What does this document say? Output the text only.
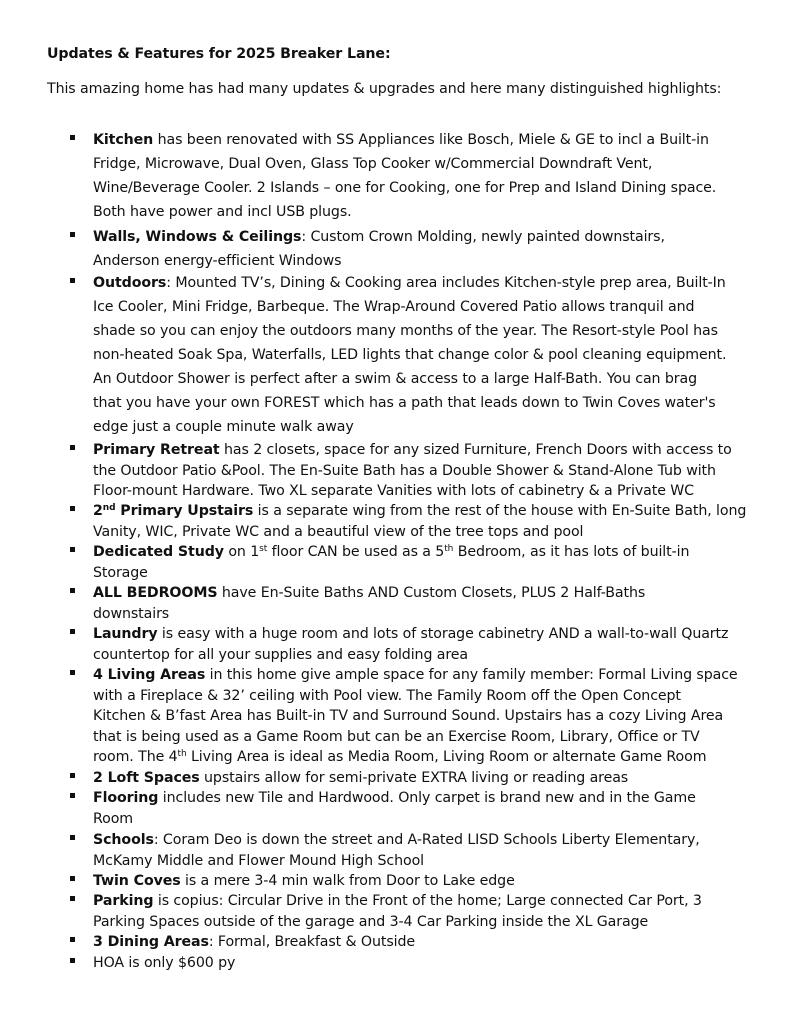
Updates & Features for 2025 Breaker Lane:
This amazing home has had many updates & upgrades and here many distinguished highlights:
Kitchen has been renovated with SS Appliances like Bosch, Miele & GE to incl a Built-in
Fridge, Microwave, Dual Oven, Glass Top Cooker w/Commercial Downdraft Vent,
Wine/Beverage Cooler. 2 Islands – one for Cooking, one for Prep and Island Dining space.
Both have power and incl USB plugs.
Walls, Windows & Ceilings: Custom Crown Molding, newly painted downstairs,
Anderson energy-efficient Windows
Outdoors: Mounted TV’s, Dining & Cooking area includes Kitchen-style prep area, Built-In
Ice Cooler, Mini Fridge, Barbeque. The Wrap-Around Covered Patio allows tranquil and
shade so you can enjoy the outdoors many months of the year. The Resort-style Pool has
non-heated Soak Spa, Waterfalls, LED lights that change color & pool cleaning equipment.
An Outdoor Shower is perfect after a swim & access to a large Half-Bath. You can brag
that you have your own FOREST which has a path that leads down to Twin Coves water's
edge just a couple minute walk away
Primary Retreat has 2 closets, space for any sized Furniture, French Doors with access to
the Outdoor Patio &Pool. The En-Suite Bath has a Double Shower & Stand-Alone Tub with
Floor-mount Hardware. Two XL separate Vanities with lots of cabinetry & a Private WC
2nd Primary Upstairs is a separate wing from the rest of the house with En-Suite Bath, long
Vanity, WIC, Private WC and a beautiful view of the tree tops and pool
Dedicated Study on 1st floor CAN be used as a 5th Bedroom, as it has lots of built-in
Storage
ALL BEDROOMS have En-Suite Baths AND Custom Closets, PLUS 2 Half-Baths
downstairs
Laundry is easy with a huge room and lots of storage cabinetry AND a wall-to-wall Quartz
countertop for all your supplies and easy folding area
4 Living Areas in this home give ample space for any family member: Formal Living space
with a Fireplace & 32’ ceiling with Pool view. The Family Room off the Open Concept
Kitchen & B’fast Area has Built-in TV and Surround Sound. Upstairs has a cozy Living Area
that is being used as a Game Room but can be an Exercise Room, Library, Office or TV
room. The 4th Living Area is ideal as Media Room, Living Room or alternate Game Room
2 Loft Spaces upstairs allow for semi-private EXTRA living or reading areas
Flooring includes new Tile and Hardwood. Only carpet is brand new and in the Game
Room
Schools: Coram Deo is down the street and A-Rated LISD Schools Liberty Elementary,
McKamy Middle and Flower Mound High School
Twin Coves is a mere 3-4 min walk from Door to Lake edge
Parking is copius: Circular Drive in the Front of the home; Large connected Car Port, 3
Parking Spaces outside of the garage and 3-4 Car Parking inside the XL Garage
3 Dining Areas: Formal, Breakfast & Outside
HOA is only $600 py
